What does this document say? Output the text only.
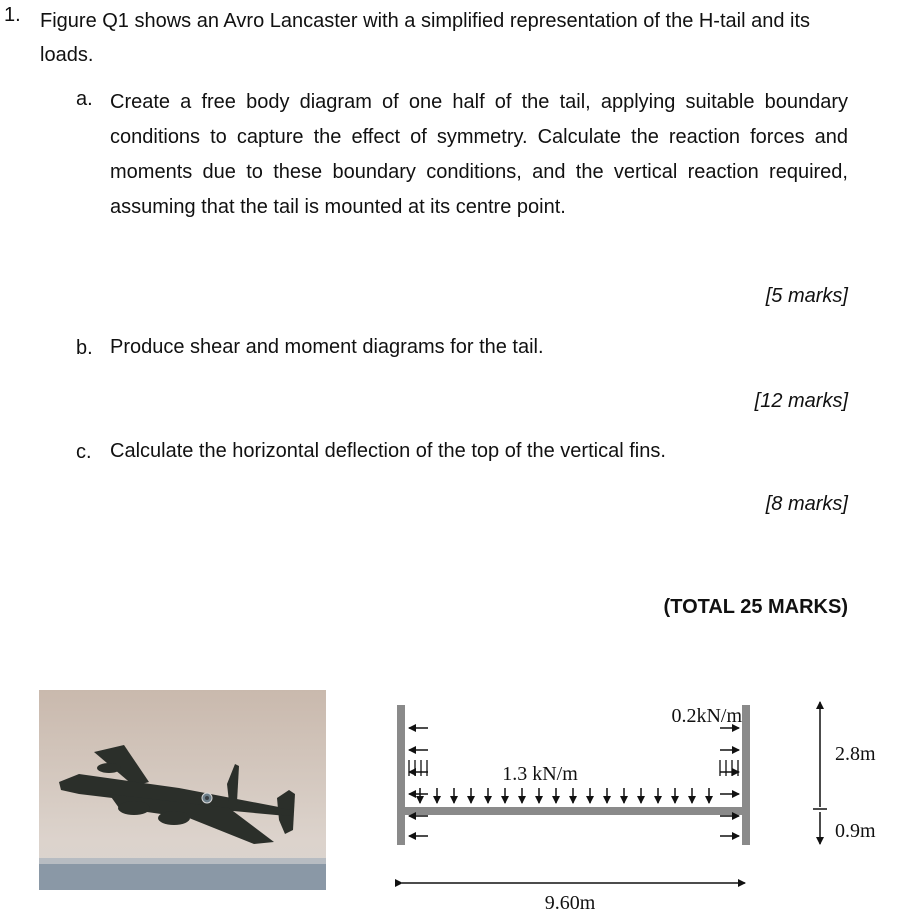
1. Figure Q1 shows an Avro Lancaster with a simplified representation of the H-tail and its loads.
a. Create a free body diagram of one half of the tail, applying suitable boundary conditions to capture the effect of symmetry. Calculate the reaction forces and moments due to these boundary conditions, and the vertical reaction required, assuming that the tail is mounted at its centre point.
[5 marks]
b. Produce shear and moment diagrams for the tail.
[12 marks]
c. Calculate the horizontal deflection of the top of the vertical fins.
[8 marks]
(TOTAL 25 MARKS)
0.2kN/m
1.3 kN/m
9.60m
2.8m
0.9m
